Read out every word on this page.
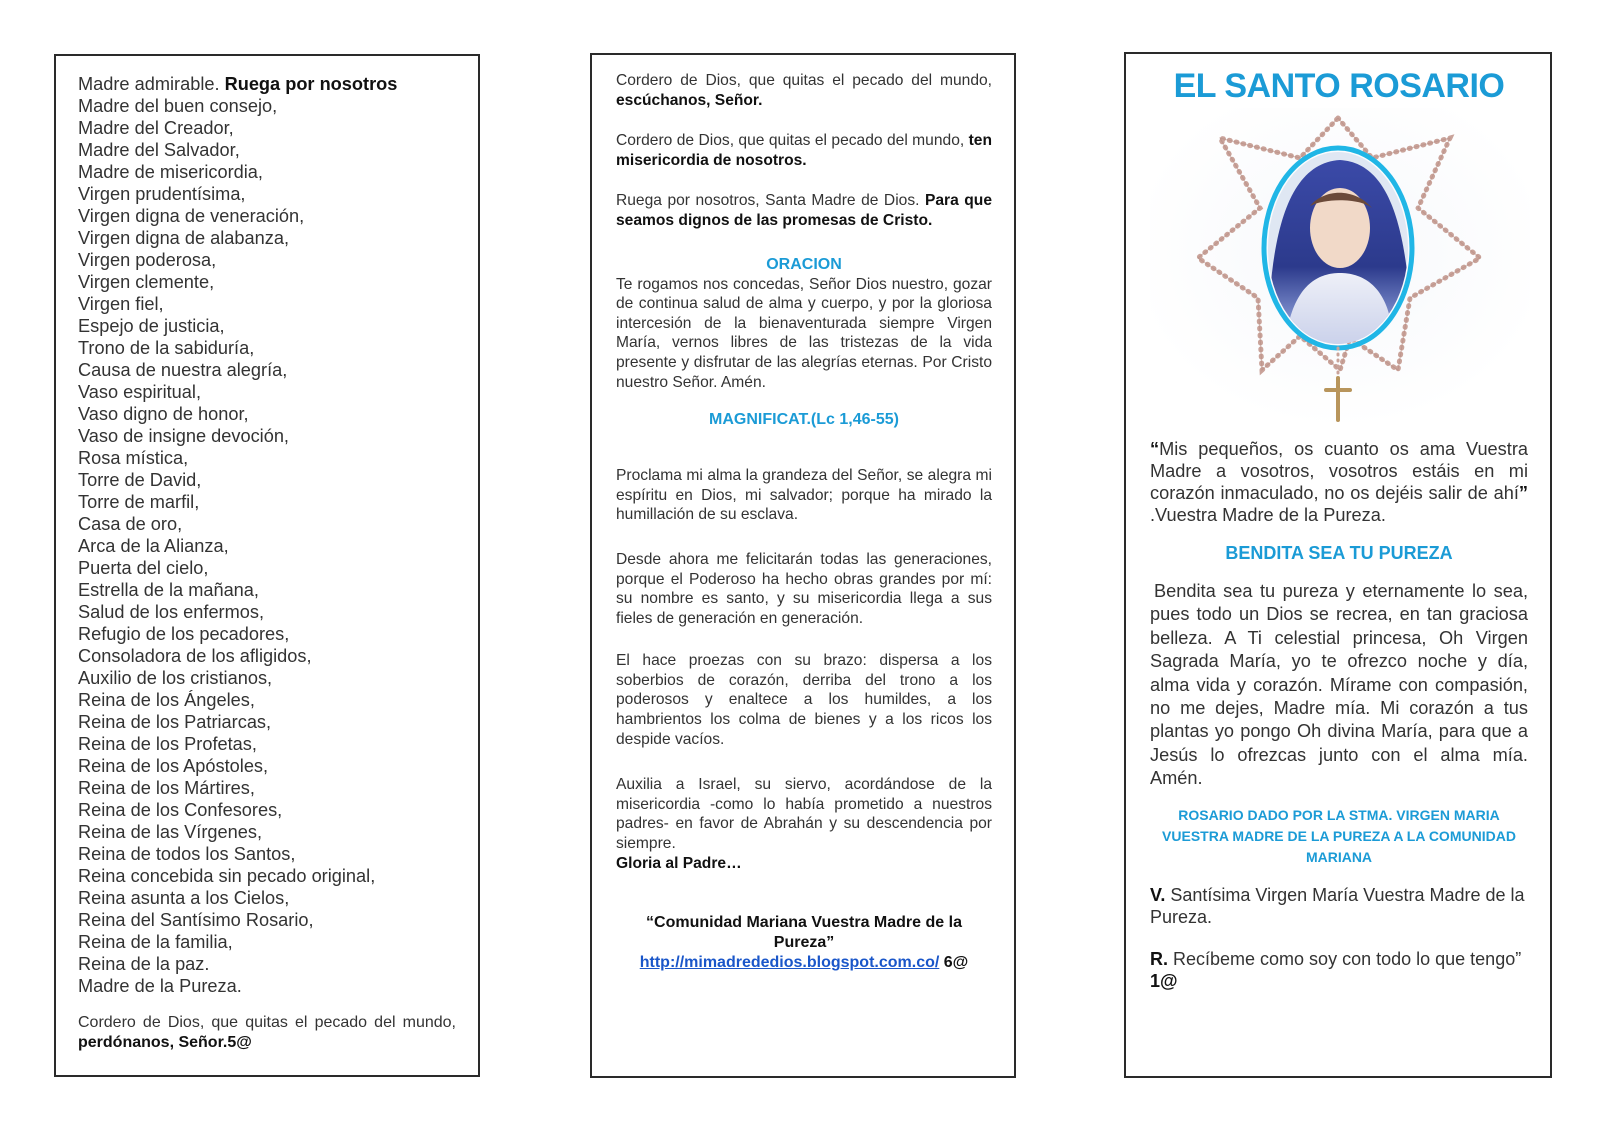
Madre admirable. Ruega por nosotros
Madre del buen consejo,
Madre del Creador,
Madre del Salvador,
Madre de misericordia,
Virgen prudentísima,
Virgen digna de veneración,
Virgen digna de alabanza,
Virgen poderosa,
Virgen clemente,
Virgen fiel,
Espejo de justicia,
Trono de la sabiduría,
Causa de nuestra alegría,
Vaso espiritual,
Vaso digno de honor,
Vaso de insigne devoción,
Rosa mística,
Torre de David,
Torre de marfil,
Casa de oro,
Arca de la Alianza,
Puerta del cielo,
Estrella de la mañana,
Salud de los enfermos,
Refugio de los pecadores,
Consoladora de los afligidos,
Auxilio de los cristianos,
Reina de los Ángeles,
Reina de los Patriarcas,
Reina de los Profetas,
Reina de los Apóstoles,
Reina de los Mártires,
Reina de los Confesores,
Reina de las Vírgenes,
Reina de todos los Santos,
Reina concebida sin pecado original,
Reina asunta a los Cielos,
Reina del Santísimo Rosario,
Reina de la familia,
Reina de la paz.
Madre de la Pureza.
Cordero de Dios, que quitas el pecado del mundo, perdónanos, Señor.5@

Cordero de Dios, que quitas el pecado del mundo, escúchanos, Señor.

Cordero de Dios, que quitas el pecado del mundo, ten misericordia de nosotros.

Ruega por nosotros, Santa Madre de Dios. Para que seamos dignos de las promesas de Cristo.

ORACION

Te rogamos nos concedas, Señor Dios nuestro, gozar de continua salud de alma y cuerpo, y por la gloriosa intercesión de la bienaventurada siempre Virgen María, vernos libres de las tristezas de la vida presente y disfrutar de las alegrías eternas. Por Cristo nuestro Señor. Amén.

MAGNIFICAT.(Lc 1,46-55)

Proclama mi alma la grandeza del Señor, se alegra mi espíritu en Dios, mi salvador; porque ha mirado la humillación de su esclava.

Desde ahora me felicitarán todas las generaciones, porque el Poderoso ha hecho obras grandes por mí: su nombre es santo, y su misericordia llega a sus fieles de generación en generación.

El hace proezas con su brazo: dispersa a los soberbios de corazón, derriba del trono a los poderosos y enaltece a los humildes, a los hambrientos los colma de bienes y a los ricos los despide vacíos.

Auxilia a Israel, su siervo, acordándose de la misericordia -como lo había prometido a nuestros padres- en favor de Abrahán y su descendencia por siempre.

Gloria al Padre…

“Comunidad Mariana Vuestra Madre de la Pureza”
http://mimadrededios.blogspot.com.co/ 6@
EL SANTO ROSARIO
“Mis pequeños, os cuanto os ama Vuestra Madre a vosotros, vosotros estáis en mi corazón inmaculado, no os dejéis salir de ahí” .Vuestra Madre de la Pureza.
BENDITA SEA TU PUREZA
Bendita sea tu pureza y eternamente lo sea, pues todo un Dios se recrea, en tan graciosa belleza. A Ti celestial princesa, Oh Virgen Sagrada María, yo te ofrezco noche y día, alma vida y corazón. Mírame con compasión, no me dejes, Madre mía. Mi corazón a tus plantas yo pongo Oh divina María, para que a Jesús lo ofrezcas junto con el alma mía. Amén.
ROSARIO DADO POR LA STMA. VIRGEN MARIA VUESTRA MADRE DE LA PUREZA A LA COMUNIDAD MARIANA
V. Santísima Virgen María Vuestra Madre de la Pureza.
R. Recíbeme como soy con todo lo que tengo” 1@
